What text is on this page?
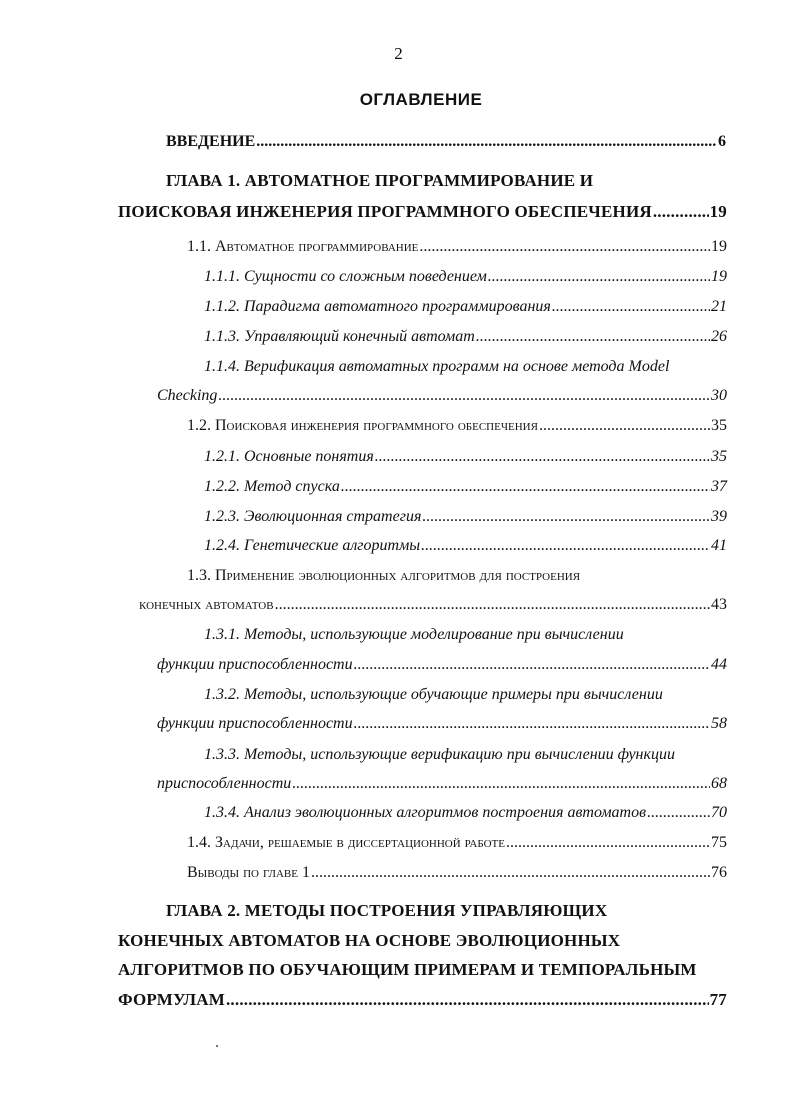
2
ОГЛАВЛЕНИЕ
ВВЕДЕНИЕ .....	6
ГЛАВА 1. АВТОМАТНОЕ ПРОГРАММИРОВАНИЕ И
ПОИСКОВАЯ ИНЖЕНЕРИЯ ПРОГРАММНОГО ОБЕСПЕЧЕНИЯ .....	19
1.1. Автоматное программирование .....	19
1.1.1. Сущности со сложным поведением .....	19
1.1.2. Парадигма автоматного программирования .....	21
1.1.3. Управляющий конечный автомат .....	26
1.1.4. Верификация автоматных программ на основе метода Model
Checking .....	30
1.2. Поисковая инженерия программного обеспечения .....	35
1.2.1. Основные понятия .....	35
1.2.2. Метод спуска .....	37
1.2.3. Эволюционная стратегия .....	39
1.2.4. Генетические алгоритмы .....	41
1.3. Применение эволюционных алгоритмов для построения
конечных автоматов .....	43
1.3.1. Методы, использующие моделирование при вычислении
функции приспособленности .....	44
1.3.2. Методы, использующие обучающие примеры при вычислении
функции приспособленности .....	58
1.3.3. Методы, использующие верификацию при вычислении функции
приспособленности .....	68
1.3.4. Анализ эволюционных алгоритмов построения автоматов .....	70
1.4. Задачи, решаемые в диссертационной работе .....	75
Выводы по главе 1 .....	76
ГЛАВА 2. МЕТОДЫ ПОСТРОЕНИЯ УПРАВЛЯЮЩИХ
КОНЕЧНЫХ АВТОМАТОВ НА ОСНОВЕ ЭВОЛЮЦИОННЫХ
АЛГОРИТМОВ ПО ОБУЧАЮЩИМ ПРИМЕРАМ И ТЕМПОРАЛЬНЫМ
ФОРМУЛАМ .....	77
